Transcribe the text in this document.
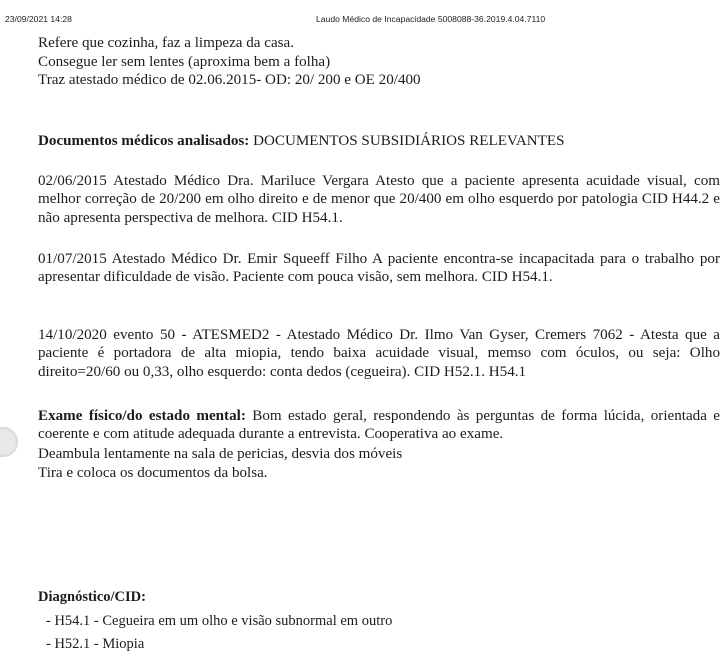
23/09/2021 14:28	Laudo Médico de Incapacidade 5008088-36.2019.4.04.7110
Refere que cozinha, faz a limpeza da casa.
Consegue ler sem lentes (aproxima bem a folha)
Traz atestado médico de 02.06.2015- OD: 20/ 200 e OE 20/400
Documentos médicos analisados: DOCUMENTOS SUBSIDIÁRIOS RELEVANTES
02/06/2015 Atestado Médico Dra. Mariluce Vergara Atesto que a paciente apresenta acuidade visual, com melhor correção de 20/200 em olho direito e de menor que 20/400 em olho esquerdo por patologia CID H44.2 e não apresenta perspectiva de melhora. CID H54.1.
01/07/2015 Atestado Médico Dr. Emir Squeeff Filho A paciente encontra-se incapacitada para o trabalho por apresentar dificuldade de visão. Paciente com pouca visão, sem melhora. CID H54.1.
14/10/2020 evento 50 - ATESMED2 - Atestado Médico Dr. Ilmo Van Gyser, Cremers 7062 - Atesta que a paciente é portadora de alta miopia, tendo baixa acuidade visual, memso com óculos, ou seja: Olho direito=20/60 ou 0,33, olho esquerdo: conta dedos (cegueira). CID H52.1. H54.1
Exame físico/do estado mental: Bom estado geral, respondendo às perguntas de forma lúcida, orientada e coerente e com atitude adequada durante a entrevista. Cooperativa ao exame.
Deambula lentamente na sala de pericias, desvia dos móveis
Tira e coloca os documentos da bolsa.
Diagnóstico/CID:
- H54.1 - Cegueira em um olho e visão subnormal em outro
- H52.1 - Miopia
